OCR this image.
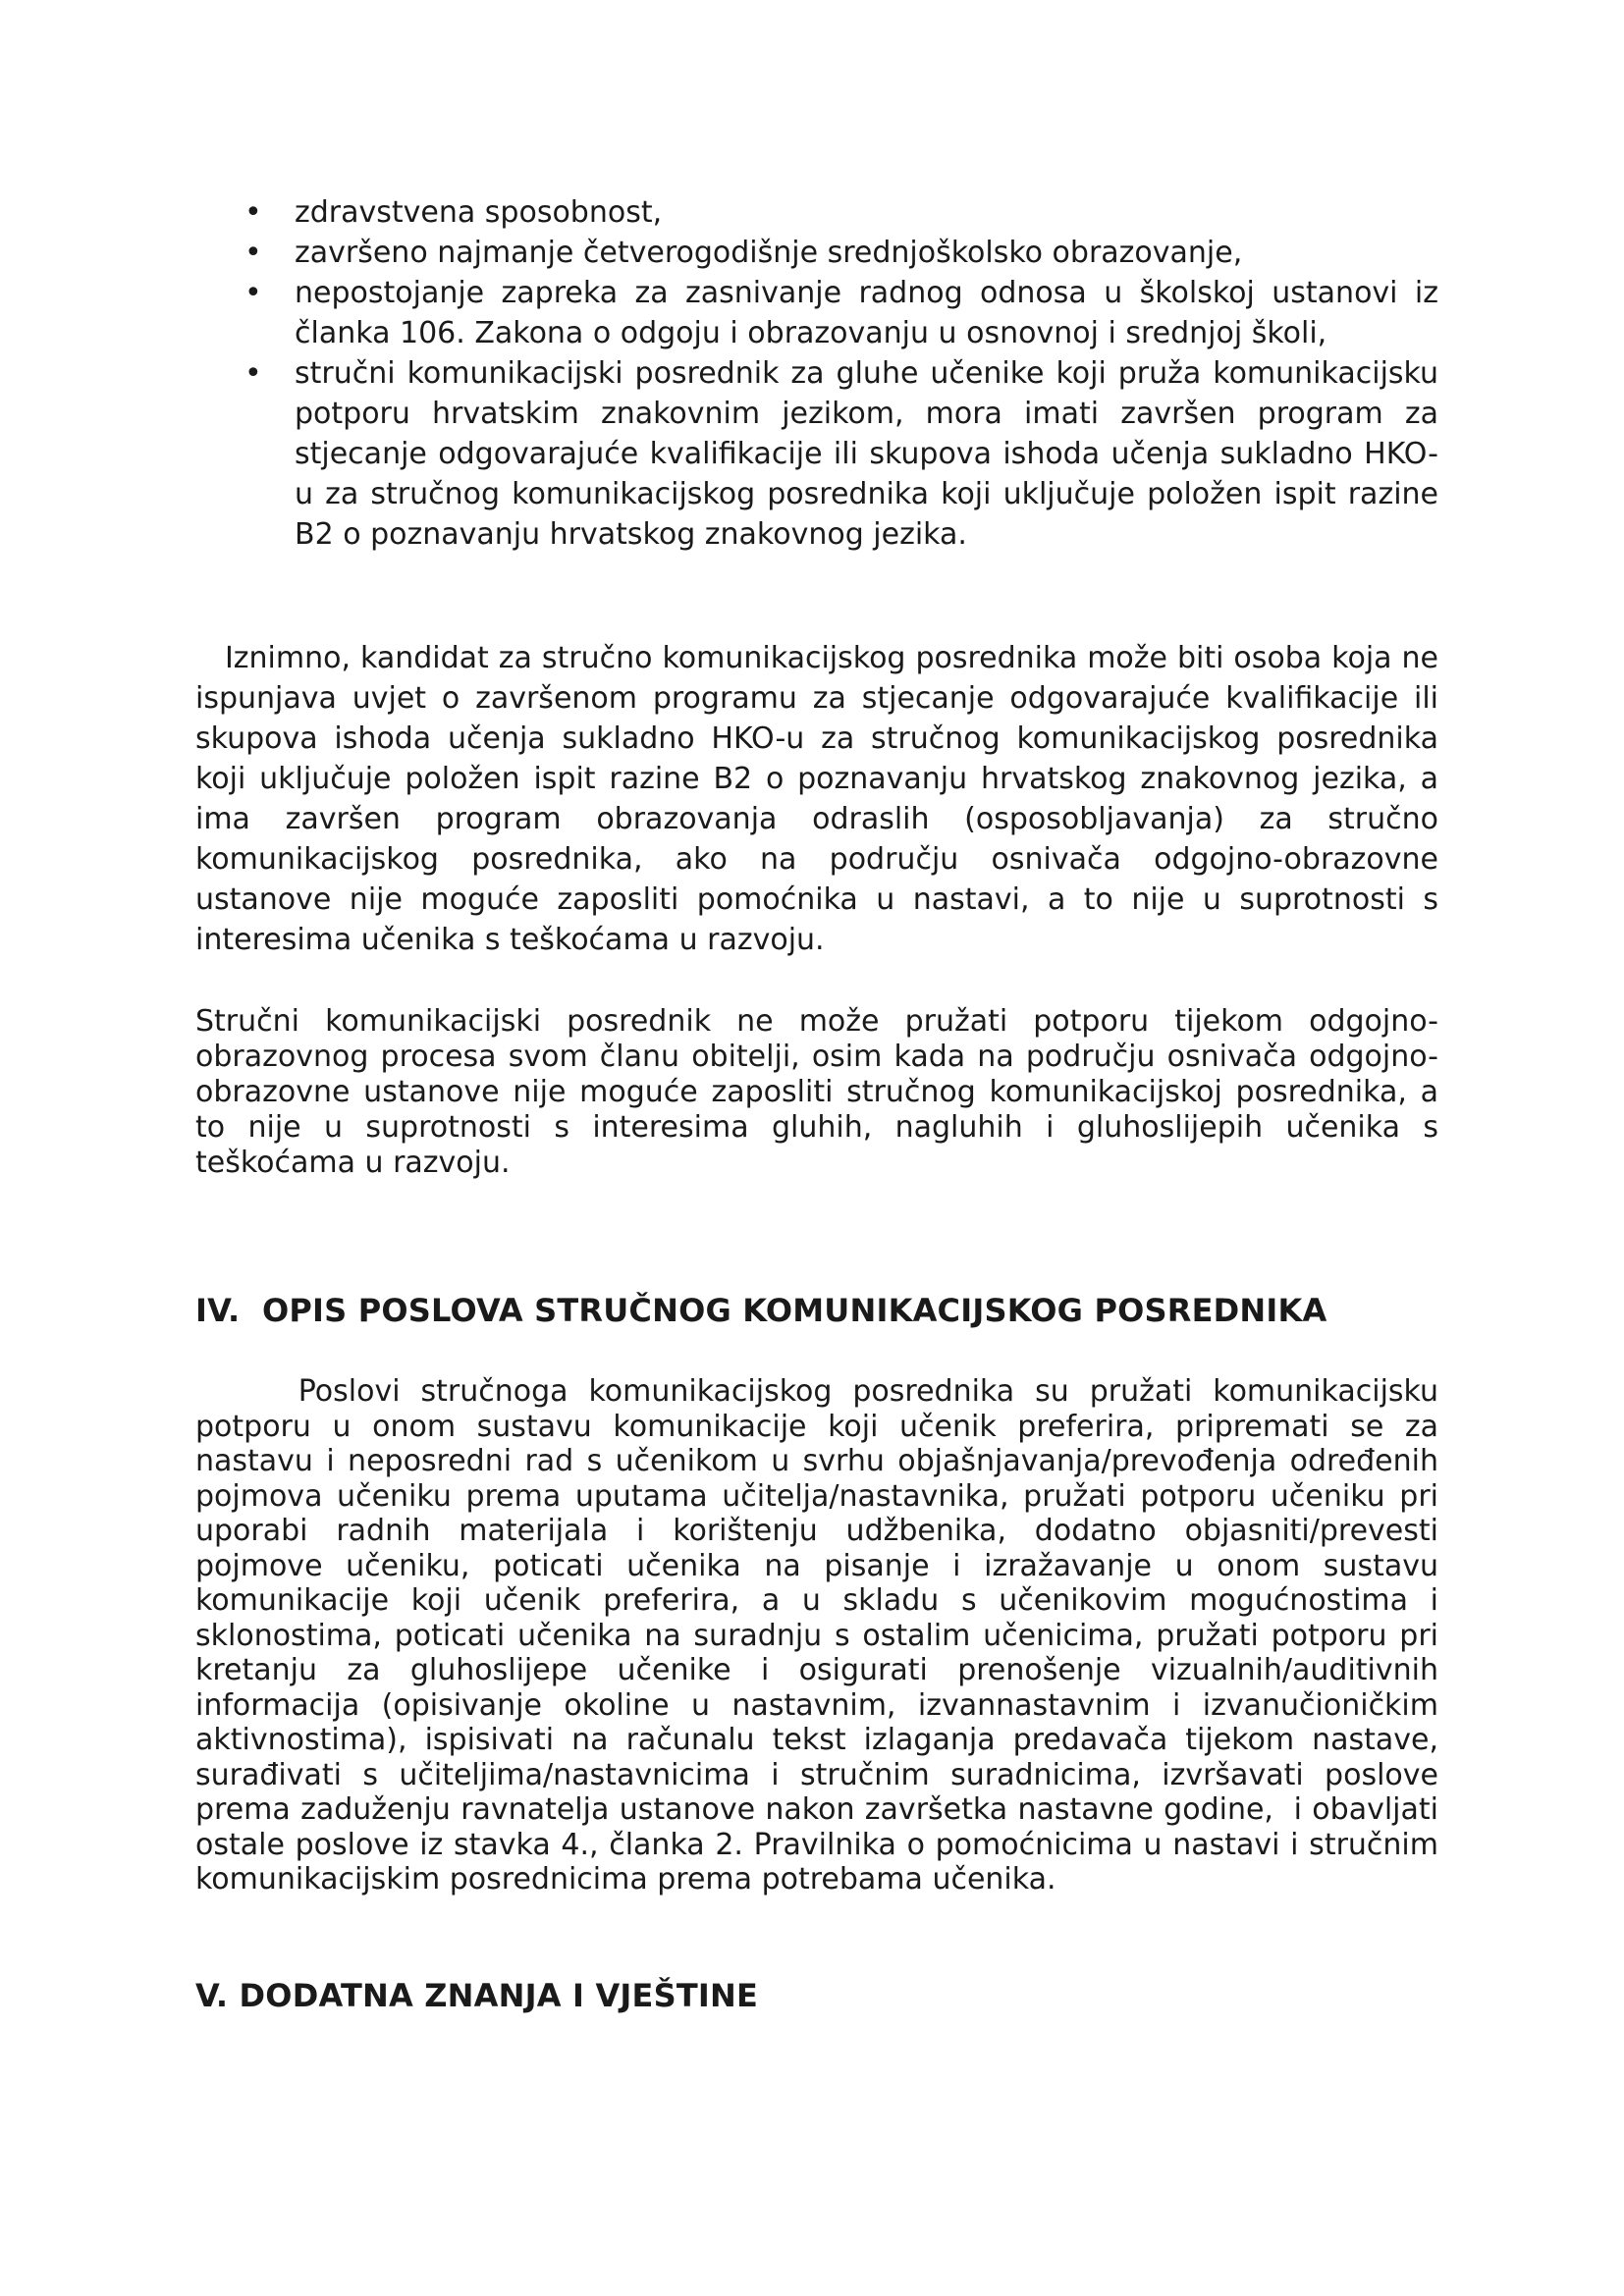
• zdravstvena sposobnost,
• završeno najmanje četverogodišnje srednjoškolsko obrazovanje,
• nepostojanje zapreka za zasnivanje radnog odnosa u školskoj ustanovi iz članka 106. Zakona o odgoju i obrazovanju u osnovnoj i srednjoj školi,
• stručni komunikacijski posrednik za gluhe učenike koji pruža komunikacijsku potporu hrvatskim znakovnim jezikom, mora imati završen program za stjecanje odgovarajuće kvalifikacije ili skupova ishoda učenja sukladno HKO-u za stručnog komunikacijskog posrednika koji uključuje položen ispit razine B2 o poznavanju hrvatskog znakovnog jezika.

Iznimno, kandidat za stručno komunikacijskog posrednika može biti osoba koja ne ispunjava uvjet o završenom programu za stjecanje odgovarajuće kvalifikacije ili skupova ishoda učenja sukladno HKO-u za stručnog komunikacijskog posrednika koji uključuje položen ispit razine B2 o poznavanju hrvatskog znakovnog jezika, a ima završen program obrazovanja odraslih (osposobljavanja) za stručno komunikacijskog posrednika, ako na području osnivača odgojno-obrazovne ustanove nije moguće zaposliti pomoćnika u nastavi, a to nije u suprotnosti s interesima učenika s teškoćama u razvoju.

Stručni komunikacijski posrednik ne može pružati potporu tijekom odgojno-obrazovnog procesa svom članu obitelji, osim kada na području osnivača odgojno-obrazovne ustanove nije moguće zaposliti stručnog komunikacijskoj posrednika, a to nije u suprotnosti s interesima gluhih, nagluhih i gluhoslijepih učenika s teškoćama u razvoju.

IV.  OPIS POSLOVA STRUČNOG KOMUNIKACIJSKOG POSREDNIKA

Poslovi stručnoga komunikacijskog posrednika su pružati komunikacijsku potporu u onom sustavu komunikacije koji učenik preferira, pripremati se za nastavu i neposredni rad s učenikom u svrhu objašnjavanja/prevođenja određenih pojmova učeniku prema uputama učitelja/nastavnika, pružati potporu učeniku pri uporabi radnih materijala i korištenju udžbenika, dodatno objasniti/prevesti pojmove učeniku, poticati učenika na pisanje i izražavanje u onom sustavu komunikacije koji učenik preferira, a u skladu s učenikovim mogućnostima i sklonostima, poticati učenika na suradnju s ostalim učenicima, pružati potporu pri kretanju za gluhoslijepe učenike i osigurati prenošenje vizualnih/auditivnih informacija (opisivanje okoline u nastavnim, izvannastavnim i izvanučioničkim aktivnostima), ispisivati na računalu tekst izlaganja predavača tijekom nastave, surađivati s učiteljima/nastavnicima i stručnim suradnicima, izvršavati poslove prema zaduženju ravnatelja ustanove nakon završetka nastavne godine,  i obavljati ostale poslove iz stavka 4., članka 2. Pravilnika o pomoćnicima u nastavi i stručnim komunikacijskim posrednicima prema potrebama učenika.

V. DODATNA ZNANJA I VJEŠTINE
